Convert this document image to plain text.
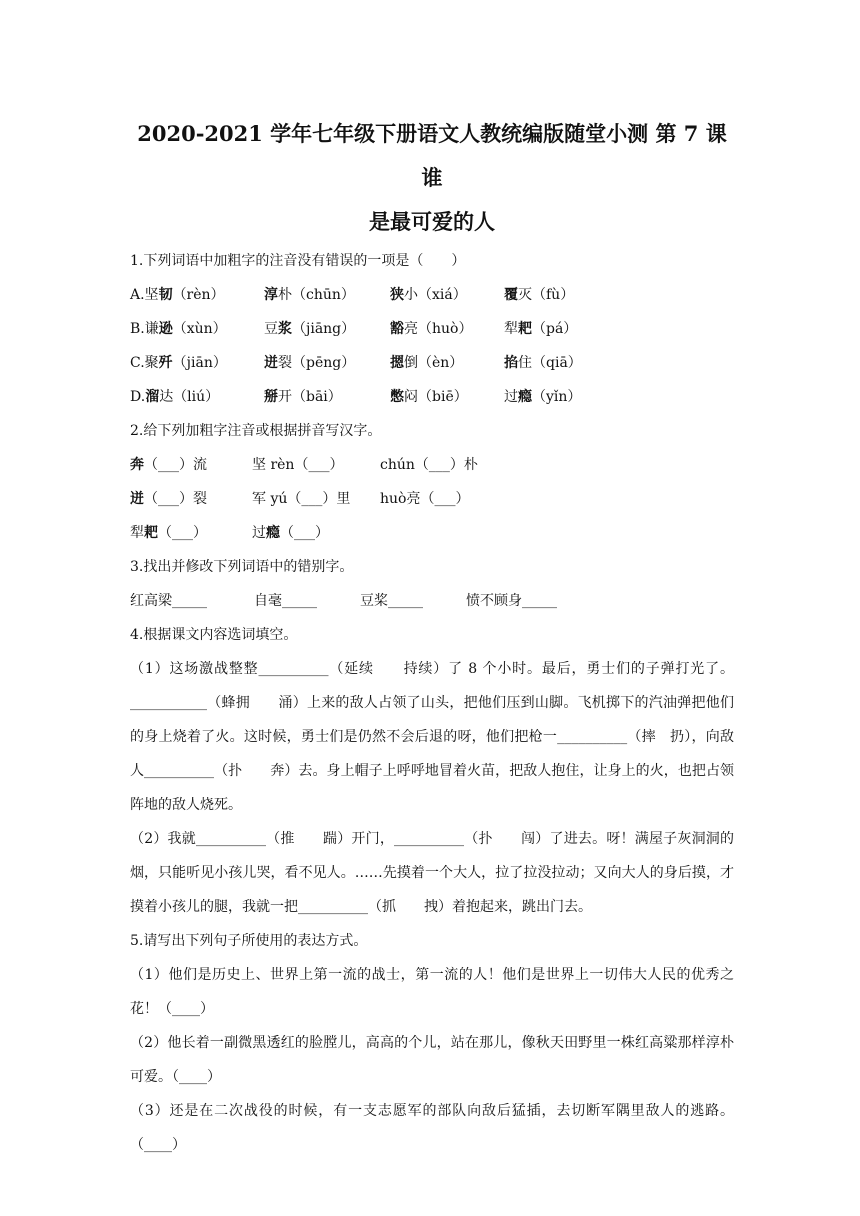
2020-2021 学年七年级下册语文人教统编版随堂小测 第 7 课 谁

是最可爱的人

1.下列词语中加粗字的注音没有错误的一项是（　　）

A.坚韧（rèn）	淳朴（chūn）	狭小（xiá）	覆灭（fù）
B.谦逊（xùn）	豆浆（jiāng）	豁亮（huò）	犁耙（pá）
C.聚歼（jiān）	迸裂（pēng）	摁倒（èn）	掐住（qiā）
D.溜达（liú）	掰开（bāi）	憋闷（biē）	过瘾（yǐn）

2.给下列加粗字注音或根据拼音写汉字。

奔（___）流	坚 rèn（___）	chún（___）朴
迸（___）裂	军 yú（___）里	huò亮（___）
犁耙（___）	过瘾（___）

3.找出并修改下列词语中的错别字。

红高梁_____	自毫_____	豆桨_____	愤不顾身_____

4.根据课文内容选词填空。

（1）这场激战整整__________（延续　　持续）了 8 个小时。最后，勇士们的子弹打光了。___________（蜂拥　　涌）上来的敌人占领了山头，把他们压到山脚。飞机掷下的汽油弹把他们的身上烧着了火。这时候，勇士们是仍然不会后退的呀，他们把枪一__________（摔　扔），向敌人__________（扑　　奔）去。身上帽子上呼呼地冒着火苗，把敌人抱住，让身上的火，也把占领阵地的敌人烧死。

（2）我就__________（推　　踹）开门，__________（扑　　闯）了进去。呀！满屋子灰洞洞的烟，只能听见小孩儿哭，看不见人。……先摸着一个大人，拉了拉没拉动；又向大人的身后摸，才摸着小孩儿的腿，我就一把__________（抓　　拽）着抱起来，跳出门去。

5.请写出下列句子所使用的表达方式。

（1）他们是历史上、世界上第一流的战士，第一流的人！他们是世界上一切伟大人民的优秀之花！（____）

（2）他长着一副微黑透红的脸膛儿，高高的个儿，站在那儿，像秋天田野里一株红高粱那样淳朴可爱。（____）

（3）还是在二次战役的时候，有一支志愿军的部队向敌后猛插，去切断军隅里敌人的逃路。（____）
